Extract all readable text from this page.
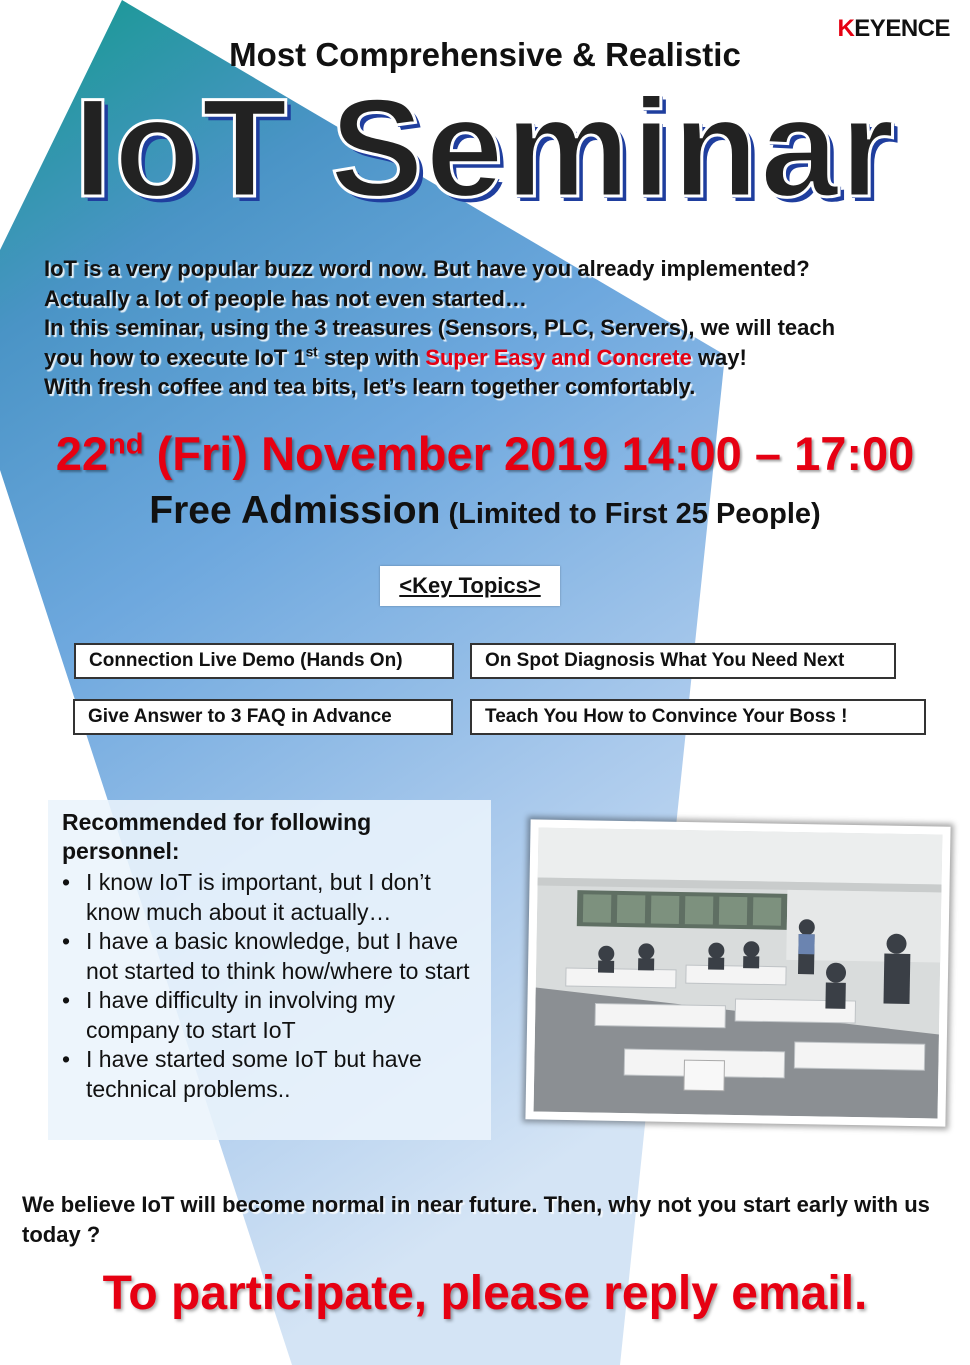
KEYENCE
Most Comprehensive & Realistic
IoT Seminar

IoT is a very popular buzz word now. But have you already implemented?

Actually a lot of people has not even started…

In this seminar, using the 3 treasures (Sensors, PLC, Servers), we will teach

you how to execute IoT 1st step with Super Easy and Concrete way!

With fresh coffee and tea bits, let’s learn together comfortably.

22nd (Fri) November 2019 14:00 – 17:00
Free Admission (Limited to First 25 People)
<Key Topics>
Connection Live Demo (Hands On)	On Spot Diagnosis What You Need Next
Give Answer to 3 FAQ in Advance	Teach You How to Convince Your Boss !
Recommended for following personnel:
• I know IoT is important, but I don’t know much about it actually…
• I have a basic knowledge, but I have not started to think how/where to start
• I have difficulty in involving my company to start IoT
• I have started some IoT but have technical problems..
We believe IoT will become normal in near future. Then, why not you start early with us today ?
To participate, please reply email.
